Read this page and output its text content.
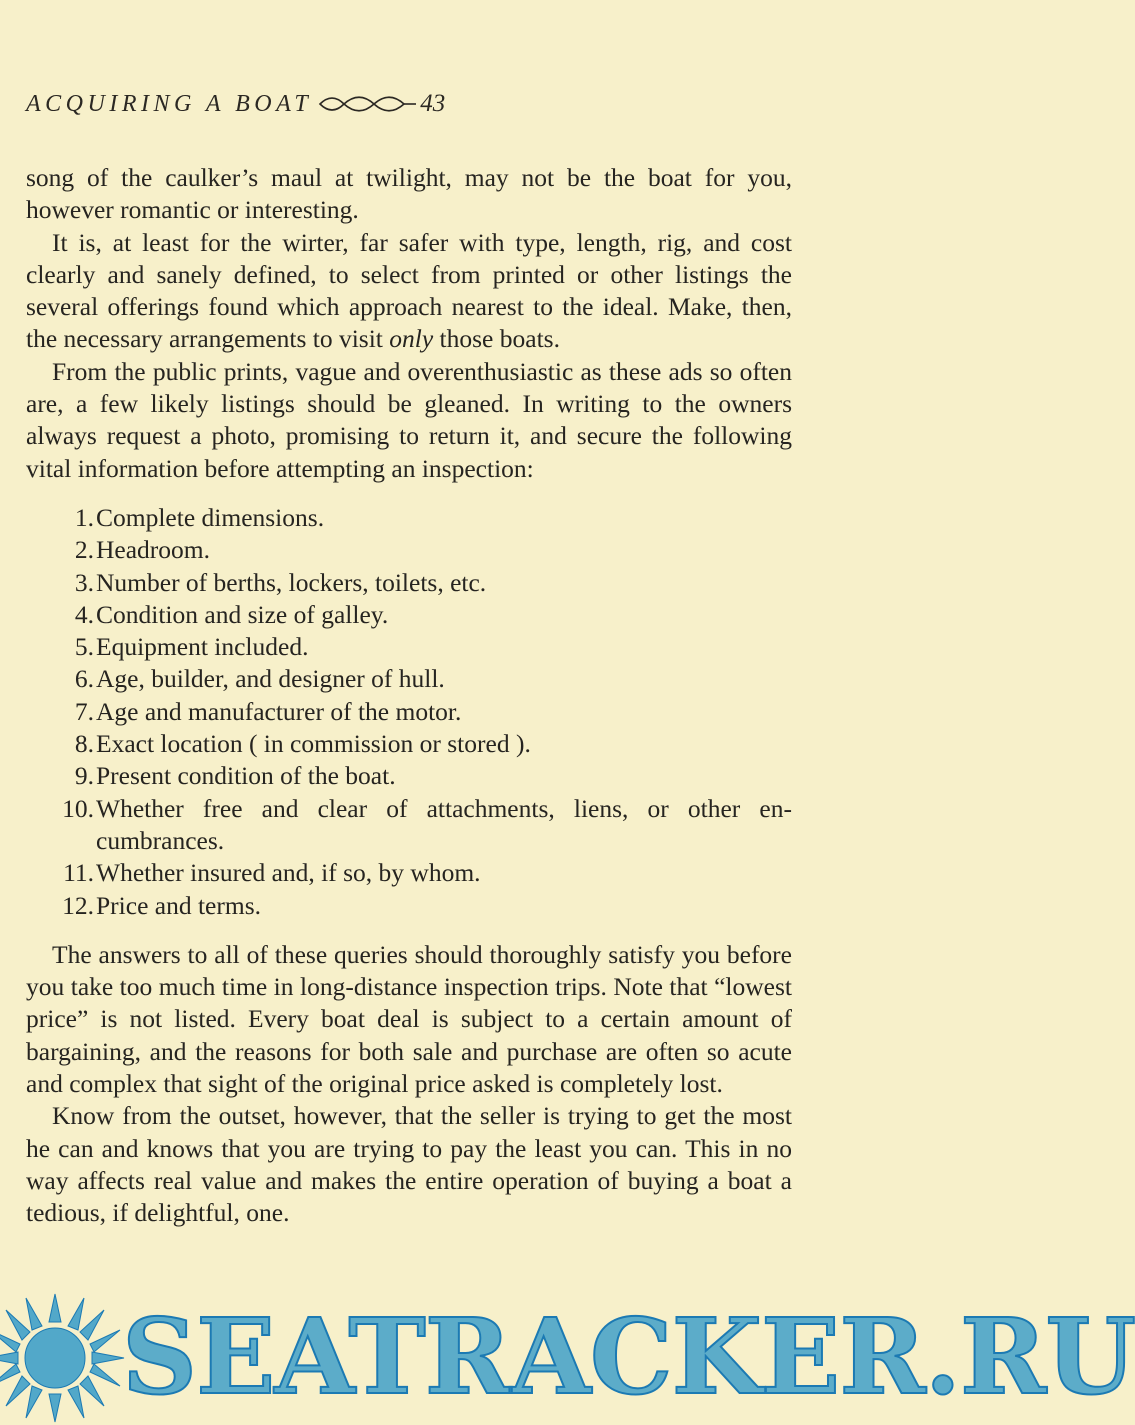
ACQUIRING A BOAT	43

song of the caulker’s maul at twilight, may not be the boat for you, however romantic or interesting.

It is, at least for the wirter, far safer with type, length, rig, and cost clearly and sanely defined, to select from printed or other listings the several offerings found which approach nearest to the ideal. Make, then, the necessary arrangements to visit only those boats.

From the public prints, vague and overenthusiastic as these ads so often are, a few likely listings should be gleaned. In writing to the owners always request a photo, promising to return it, and secure the following vital information before attempting an inspection:

1. Complete dimensions.
2. Headroom.
3. Number of berths, lockers, toilets, etc.
4. Condition and size of galley.
5. Equipment included.
6. Age, builder, and designer of hull.
7. Age and manufacturer of the motor.
8. Exact location ( in commission or stored ).
9. Present condition of the boat.
10. Whether free and clear of attachments, liens, or other encumbrances.
11. Whether insured and, if so, by whom.
12. Price and terms.

The answers to all of these queries should thoroughly satisfy you before you take too much time in long-distance inspection trips. Note that “lowest price” is not listed. Every boat deal is subject to a certain amount of bargaining, and the reasons for both sale and purchase are often so acute and complex that sight of the original price asked is completely lost.

Know from the outset, however, that the seller is trying to get the most he can and knows that you are trying to pay the least you can. This in no way affects real value and makes the entire operation of buying a boat a tedious, if delightful, one.

SEATRACKER.RU
